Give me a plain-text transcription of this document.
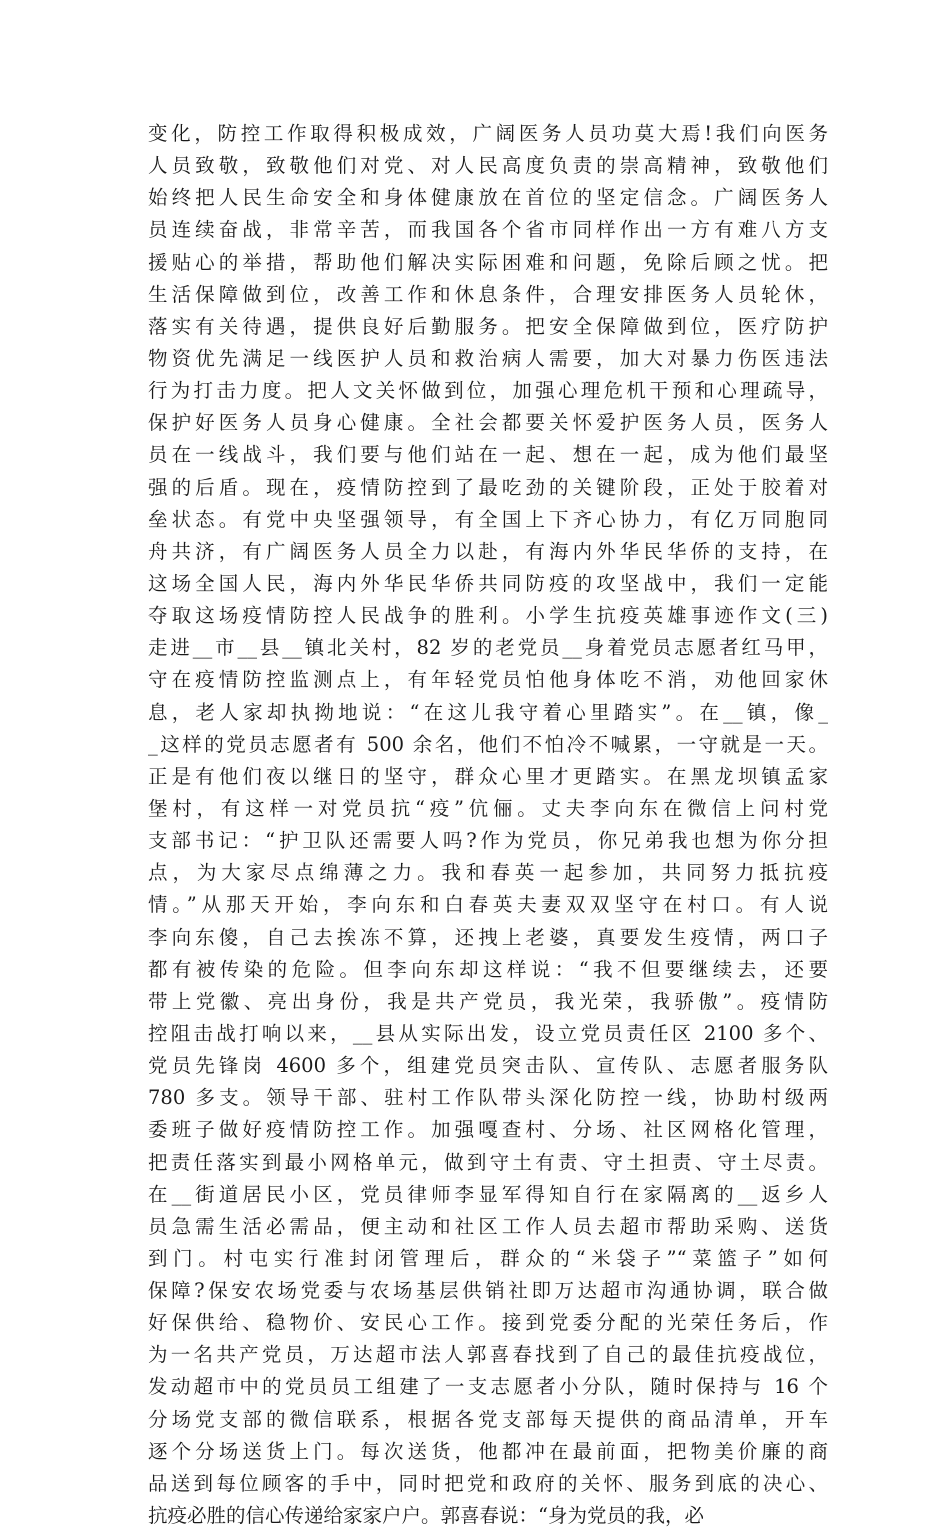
变化，防控工作取得积极成效，广阔医务人员功莫大焉!我们向医务
人员致敬，致敬他们对党、对人民高度负责的崇高精神，致敬他们
始终把人民生命安全和身体健康放在首位的坚定信念。广阔医务人
员连续奋战，非常辛苦，而我国各个省市同样作出一方有难八方支
援贴心的举措，帮助他们解决实际困难和问题，免除后顾之忧。把
生活保障做到位，改善工作和休息条件，合理安排医务人员轮休，
落实有关待遇，提供良好后勤服务。把安全保障做到位，医疗防护
物资优先满足一线医护人员和救治病人需要，加大对暴力伤医违法
行为打击力度。把人文关怀做到位，加强心理危机干预和心理疏导，
保护好医务人员身心健康。全社会都要关怀爱护医务人员，医务人
员在一线战斗，我们要与他们站在一起、想在一起，成为他们最坚
强的后盾。现在，疫情防控到了最吃劲的关键阶段，正处于胶着对
垒状态。有党中央坚强领导，有全国上下齐心协力，有亿万同胞同
舟共济，有广阔医务人员全力以赴，有海内外华民华侨的支持，在
这场全国人民，海内外华民华侨共同防疫的攻坚战中，我们一定能
夺取这场疫情防控人民战争的胜利。小学生抗疫英雄事迹作文(三)
走进__市__县__镇北关村，82 岁的老党员__身着党员志愿者红马甲，
守在疫情防控监测点上，有年轻党员怕他身体吃不消，劝他回家休
息，老人家却执拗地说：“在这儿我守着心里踏实”。在__镇，像_
_这样的党员志愿者有 500 余名，他们不怕冷不喊累，一守就是一天。
正是有他们夜以继日的坚守，群众心里才更踏实。在黑龙坝镇孟家
堡村，有这样一对党员抗“疫”伉俪。丈夫李向东在微信上问村党
支部书记：“护卫队还需要人吗?作为党员，你兄弟我也想为你分担
点，为大家尽点绵薄之力。我和春英一起参加，共同努力抵抗疫
情。”从那天开始，李向东和白春英夫妻双双坚守在村口。有人说
李向东傻，自己去挨冻不算，还拽上老婆，真要发生疫情，两口子
都有被传染的危险。但李向东却这样说：“我不但要继续去，还要
带上党徽、亮出身份，我是共产党员，我光荣，我骄傲”。疫情防
控阻击战打响以来，__县从实际出发，设立党员责任区 2100 多个、
党员先锋岗 4600 多个，组建党员突击队、宣传队、志愿者服务队
780 多支。领导干部、驻村工作队带头深化防控一线，协助村级两
委班子做好疫情防控工作。加强嘎查村、分场、社区网格化管理，
把责任落实到最小网格单元，做到守土有责、守土担责、守土尽责。
在__街道居民小区，党员律师李显军得知自行在家隔离的__返乡人
员急需生活必需品，便主动和社区工作人员去超市帮助采购、送货
到门。村屯实行准封闭管理后，群众的“米袋子”“菜篮子”如何
保障?保安农场党委与农场基层供销社即万达超市沟通协调，联合做
好保供给、稳物价、安民心工作。接到党委分配的光荣任务后，作
为一名共产党员，万达超市法人郭喜春找到了自己的最佳抗疫战位，
发动超市中的党员员工组建了一支志愿者小分队，随时保持与 16 个
分场党支部的微信联系，根据各党支部每天提供的商品清单，开车
逐个分场送货上门。每次送货，他都冲在最前面，把物美价廉的商
品送到每位顾客的手中，同时把党和政府的关怀、服务到底的决心、
抗疫必胜的信心传递给家家户户。郭喜春说：“身为党员的我，必
